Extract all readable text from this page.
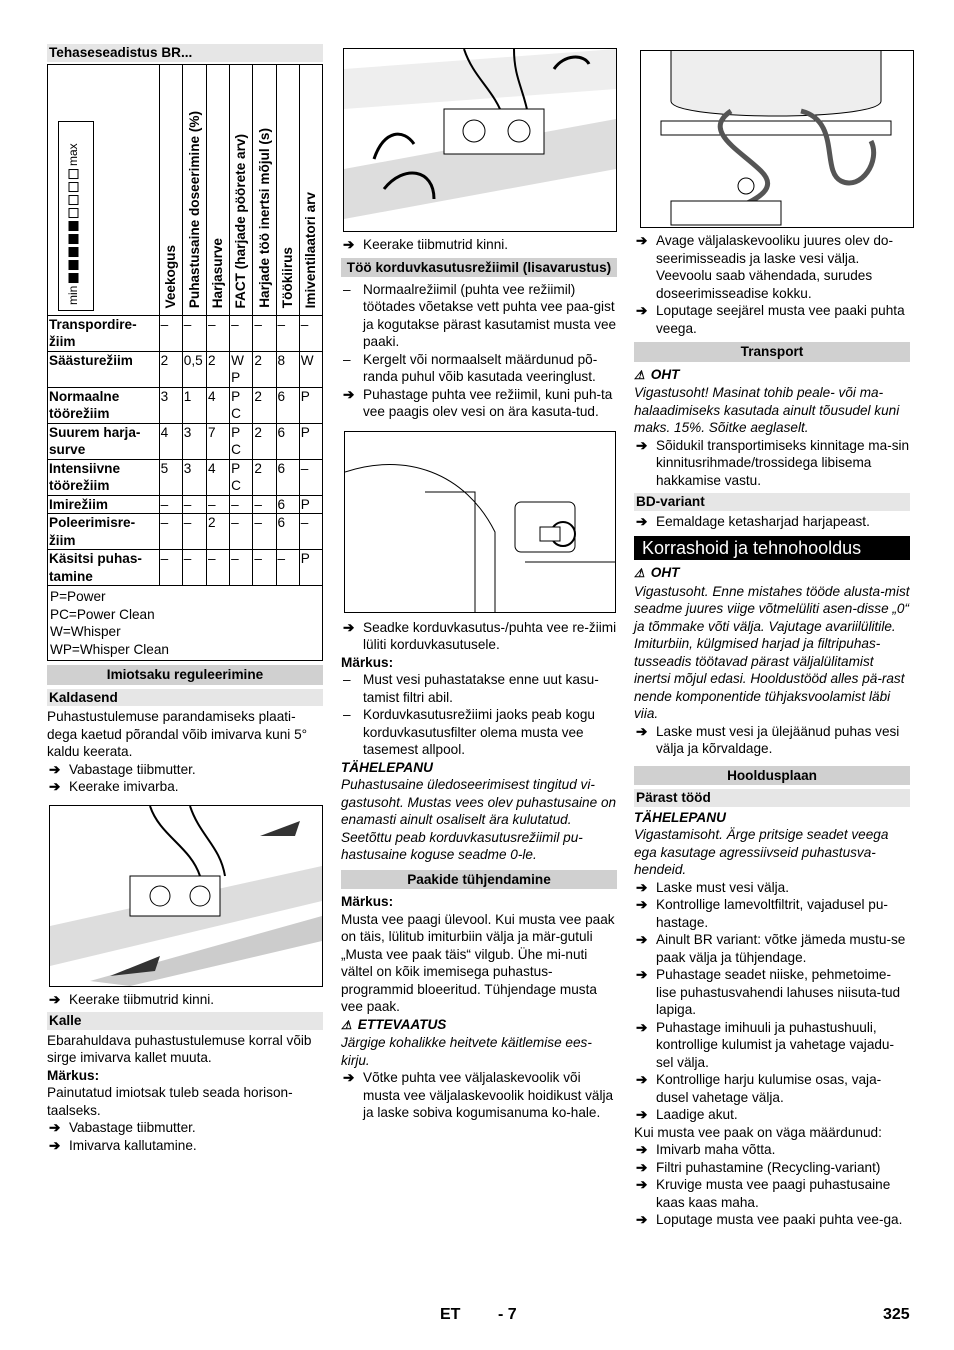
Tehaseseadistus BR...
min
max	Veekogus	Puhastusaine doseerimine (%)	Harjasurve	FACT (harjade pöörete arv)	Harjade töö inertsi mõjul (s)	Töökiirus	Imiventilaatori arv
Transpordire-žiim	–	–	–	–	–	–	–
Säästurežiim	2	0,5	2	W P	2	8	W
Normaalne töörežiim	3	1	4	P C	2	6	P
Suurem harja-surve	4	3	7	P C	2	6	P
Intensiivne töörežiim	5	3	4	P C	2	6	–
Imirežiim	–	–	–	–	–	6	P
Poleerimisre-žiim	–	–	2	–	–	6	–
Käsitsi puhas-tamine	–	–	–	–	–	–	P

P=Power
PC=Power Clean
W=Whisper
WP=Whisper Clean							
Imiotsaku reguleerimine
Kaldasend

Puhastustulemuse parandamiseks plaati-dega kaetud põrandal võib imivarva kuni 5° kaldu keerata.

➔ Vabastage tiibmutter.

➔ Keerake imivarba.

➔ Keerake tiibmutrid kinni.

Kalle

Ebarahuldava puhastustulemuse korral võib sirge imivarva kallet muuta.

Märkus:

Painutatud imiotsak tuleb seada horison-taalseks.

➔ Vabastage tiibmutter.

➔ Imivarva kallutamine.

➔ Keerake tiibmutrid kinni.

Töö korduvkasutusrežiimil (lisavarustus)

– Normaalrežiimil (puhta vee režiimil) töötades võetakse vett puhta vee paa-gist ja kogutakse pärast kasutamist musta vee paaki.

– Kergelt või normaalselt määrdunud põ-randa puhul võib kasutada veeringlust.

➔ Puhastage puhta vee režiimil, kuni puh-ta vee paagis olev vesi on ära kasuta-tud.

➔ Seadke korduvkasutus-/puhta vee re-žiimi lüliti korduvkasutusele.

Märkus:

– Must vesi puhastatakse enne uut kasu-tamist filtri abil.

– Korduvkasutusrežiimi jaoks peab kogu korduvkasutusfilter olema musta vee tasemest allpool.

TÄHELEPANU

Puhastusaine üledoseerimisest tingitud vi-gastusoht. Mustas vees olev puhastusaine on enamasti ainult osaliselt ära kulutatud. Seetõttu peab korduvkasutusrežiimil pu-hastusaine koguse seadme 0-le.

Paakide tühjendamine

Märkus:

Musta vee paagi ülevool. Kui musta vee paak on täis, lülitub imiturbiin välja ja mär-gutuli „Musta vee paak täis“ vilgub. Ühe mi-nuti vältel on kõik imemisega puhastus-programmid bloeeritud. Tühjendage musta vee paak.

⚠ ETTEVAATUS

Järgige kohalikke heitvete käitlemise ees-kirju.

➔ Võtke puhta vee väljalaskevoolik või musta vee väljalaskevoolik hoidikust välja ja laske sobiva kogumisanuma ko-hale.

➔ Avage väljalaskevooliku juures olev do-seerimisseadis ja laske vesi välja. Veevoolu saab vähendada, surudes doseerimisseadise kokku.

➔ Loputage seejärel musta vee paaki puhta veega.

Transport

⚠ OHT

Vigastusoht! Masinat tohib peale- või ma-halaadimiseks kasutada ainult tõusudel kuni maks. 15%. Sõitke aeglaselt.

➔ Sõidukil transportimiseks kinnitage ma-sin kinnitusrihmade/trossidega libisema hakkamise vastu.

BD-variant

➔ Eemaldage ketasharjad harjapeast.

Korrashoid ja tehnohooldus

⚠ OHT

Vigastusoht. Enne mistahes tööde alusta-mist seadme juures viige võtmelüliti asen-disse „0“ ja tõmmake võti välja. Vajutage avariilülitile.

Imiturbiin, külgmised harjad ja filtripuhas-tusseadis töötavad pärast väljalülitamist inertsi mõjul edasi. Hooldustööd alles pä-rast nende komponentide tühjaksvoolamist läbi viia.

➔ Laske must vesi ja ülejäänud puhas vesi välja ja kõrvaldage.

Hooldusplaan
Pärast tööd

TÄHELEPANU

Vigastamisoht. Ärge pritsige seadet veega ega kasutage agressiivseid puhastusva-hendeid.

➔ Laske must vesi välja.

➔ Kontrollige lamevoltfiltrit, vajadusel pu-hastage.

➔ Ainult BR variant: võtke jämeda mustu-se paak välja ja tühjendage.

➔ Puhastage seadet niiske, pehmetoime-lise puhastusvahendi lahuses niisuta-tud lapiga.

➔ Puhastage imihuuli ja puhastushuuli, kontrollige kulumist ja vahetage vajadu-sel välja.

➔ Kontrollige harju kulumise osas, vaja-dusel vahetage välja.

➔ Laadige akut.

Kui musta vee paak on väga määrdunud:

➔ Imivarb maha võtta.

➔ Filtri puhastamine (Recycling-variant)

➔ Kruvige musta vee paagi puhastusaine kaas kaas maha.

➔ Loputage musta vee paaki puhta vee-ga.

ET - 7	325
